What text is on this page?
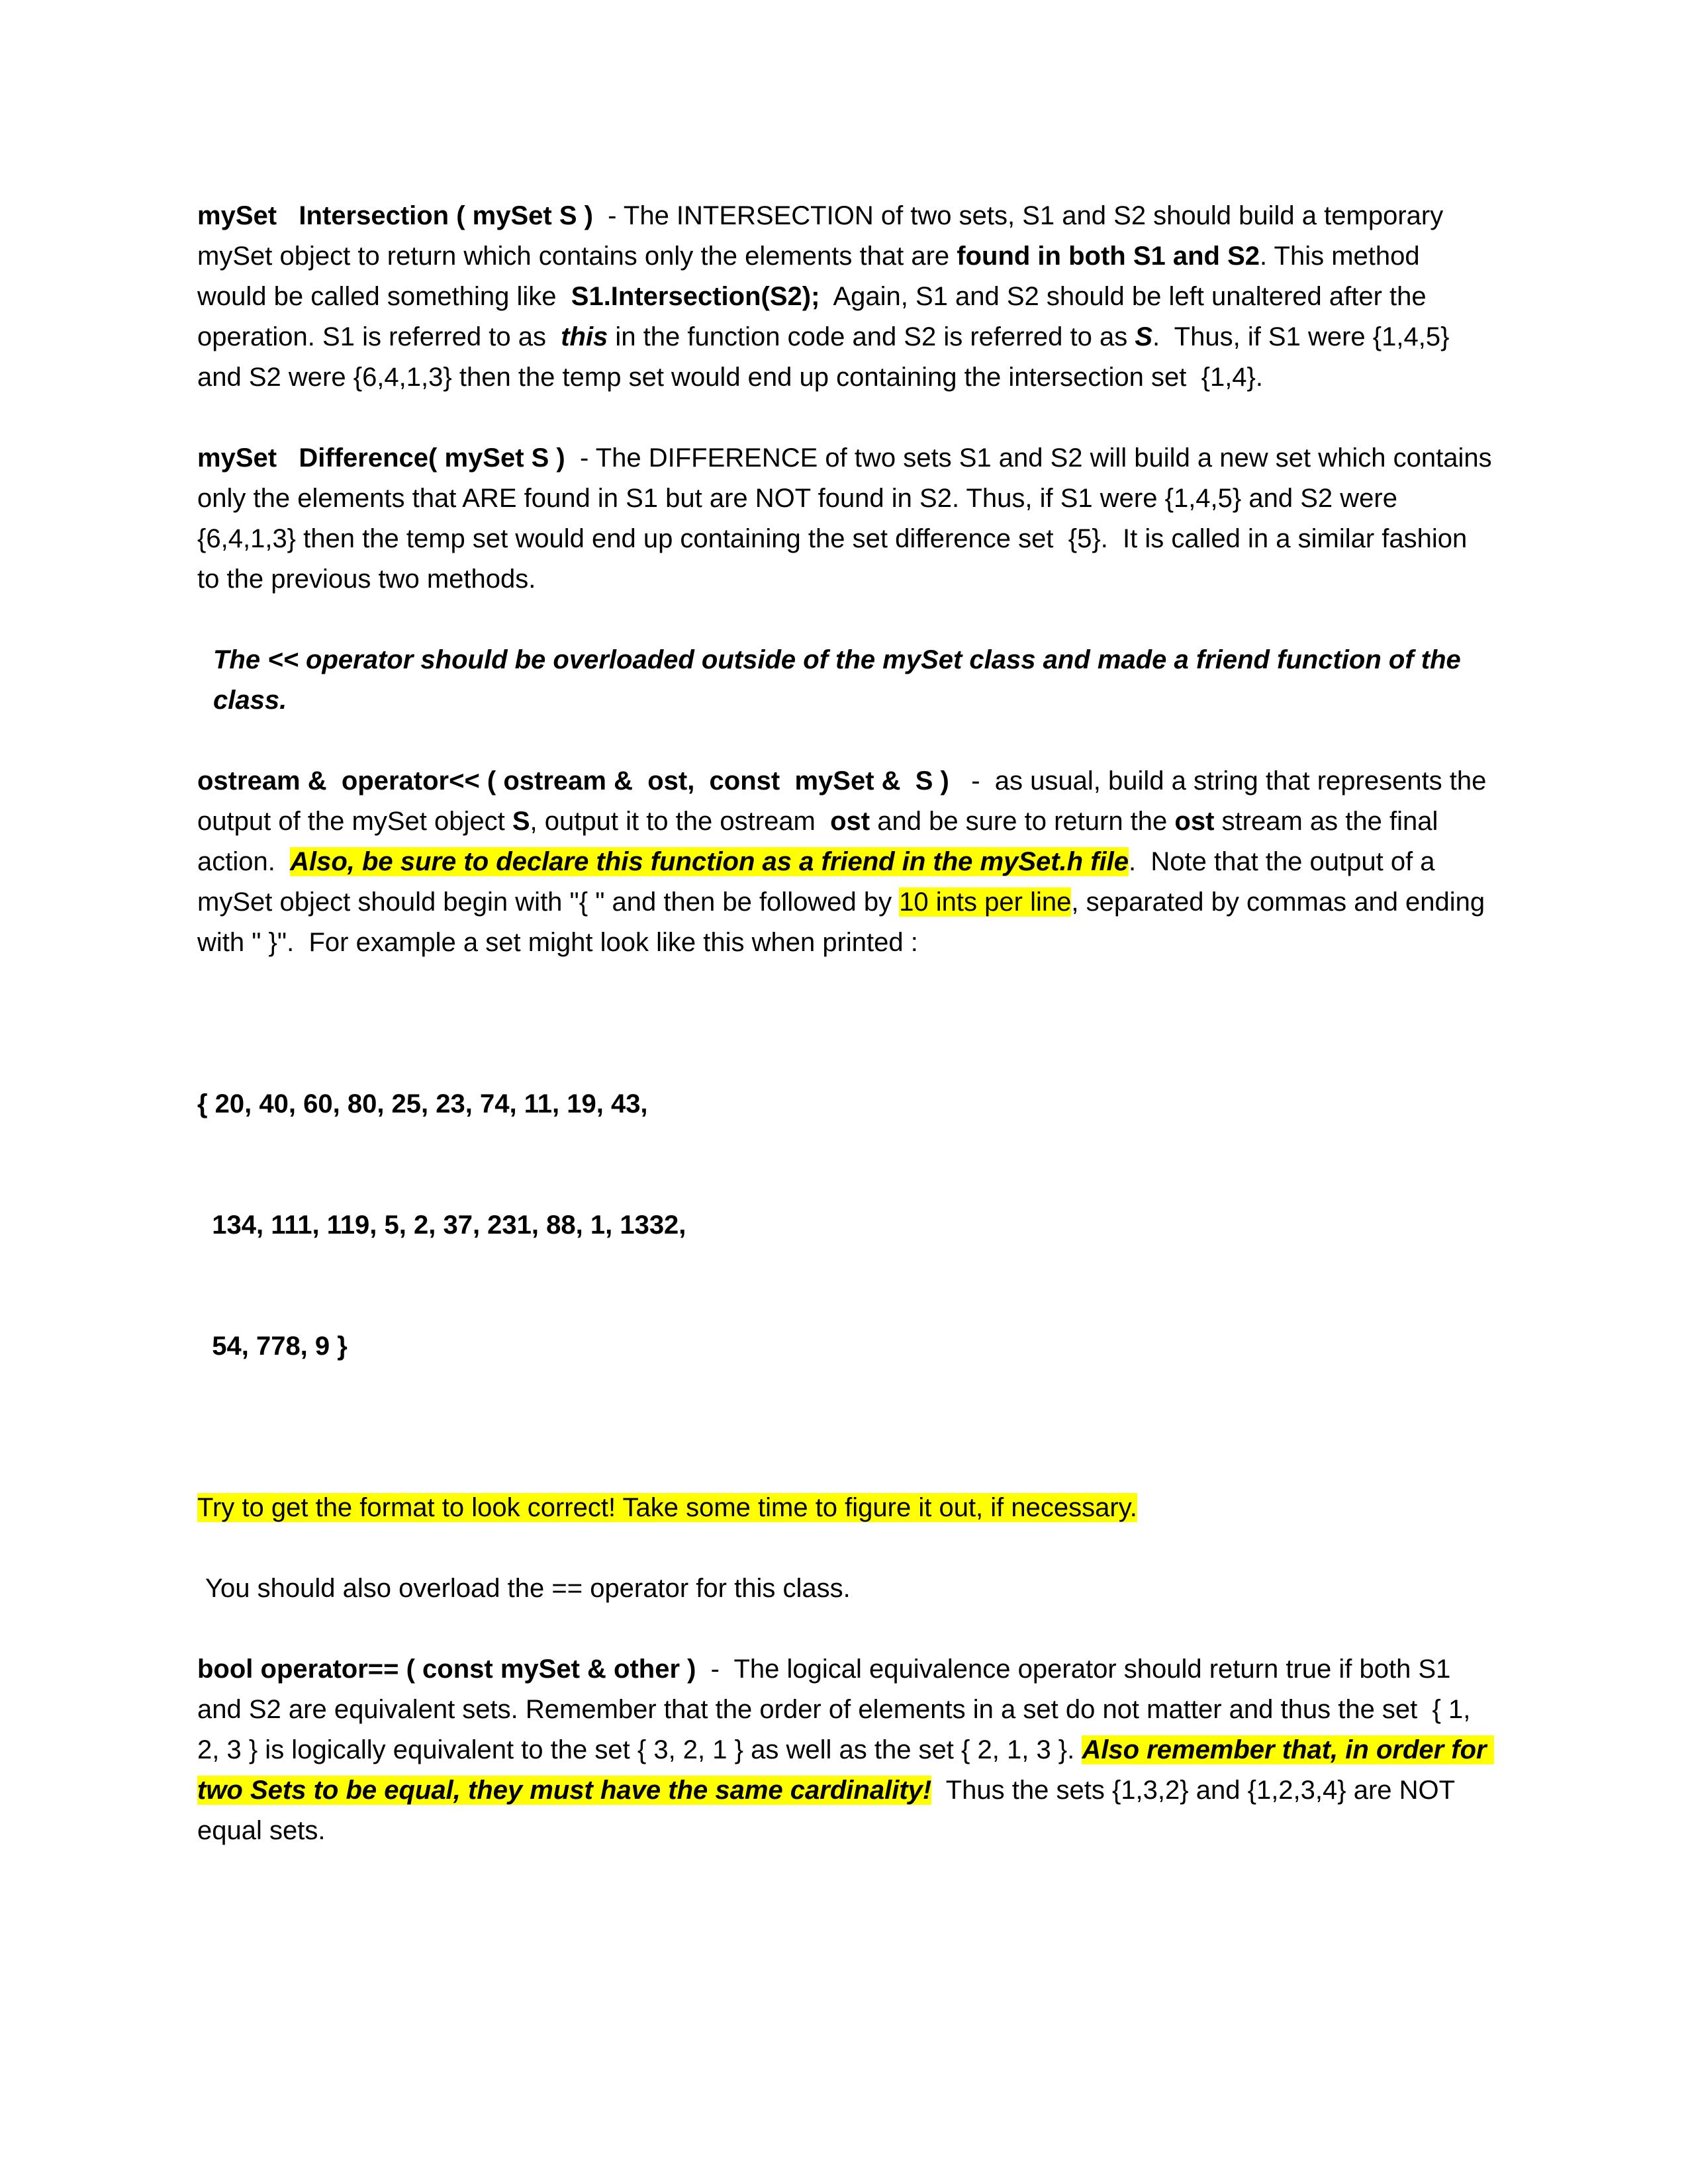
mySet   Intersection ( mySet S )  - The INTERSECTION of two sets, S1 and S2 should build a temporary mySet object to return which contains only the elements that are found in both S1 and S2. This method would be called something like  S1.Intersection(S2);  Again, S1 and S2 should be left unaltered after the operation. S1 is referred to as  this in the function code and S2 is referred to as S.  Thus, if S1 were {1,4,5} and S2 were {6,4,1,3} then the temp set would end up containing the intersection set  {1,4}.

mySet   Difference( mySet S )  - The DIFFERENCE of two sets S1 and S2 will build a new set which contains only the elements that ARE found in S1 but are NOT found in S2. Thus, if S1 were {1,4,5} and S2 were {6,4,1,3} then the temp set would end up containing the set difference set  {5}.  It is called in a similar fashion to the previous two methods.

The << operator should be overloaded outside of the mySet class and made a friend function of the class.

ostream &  operator<< ( ostream &  ost,  const  mySet &  S )   -  as usual, build a string that represents the output of the mySet object S, output it to the ostream  ost and be sure to return the ost stream as the final action.  Also, be sure to declare this function as a friend in the mySet.h file.  Note that the output of a mySet object should begin with "{ " and then be followed by 10 ints per line, separated by commas and ending with " }".  For example a set might look like this when printed :

{ 20, 40, 60, 80, 25, 23, 74, 11, 19, 43,

134, 111, 119, 5, 2, 37, 231, 88, 1, 1332,

54, 778, 9 }

Try to get the format to look correct! Take some time to figure it out, if necessary.

You should also overload the == operator for this class.

bool operator== ( const mySet & other )  -  The logical equivalence operator should return true if both S1 and S2 are equivalent sets. Remember that the order of elements in a set do not matter and thus the set  { 1, 2, 3 } is logically equivalent to the set { 3, 2, 1 } as well as the set { 2, 1, 3 }. Also remember that, in order for two Sets to be equal, they must have the same cardinality!  Thus the sets {1,3,2} and {1,2,3,4} are NOT equal sets.
